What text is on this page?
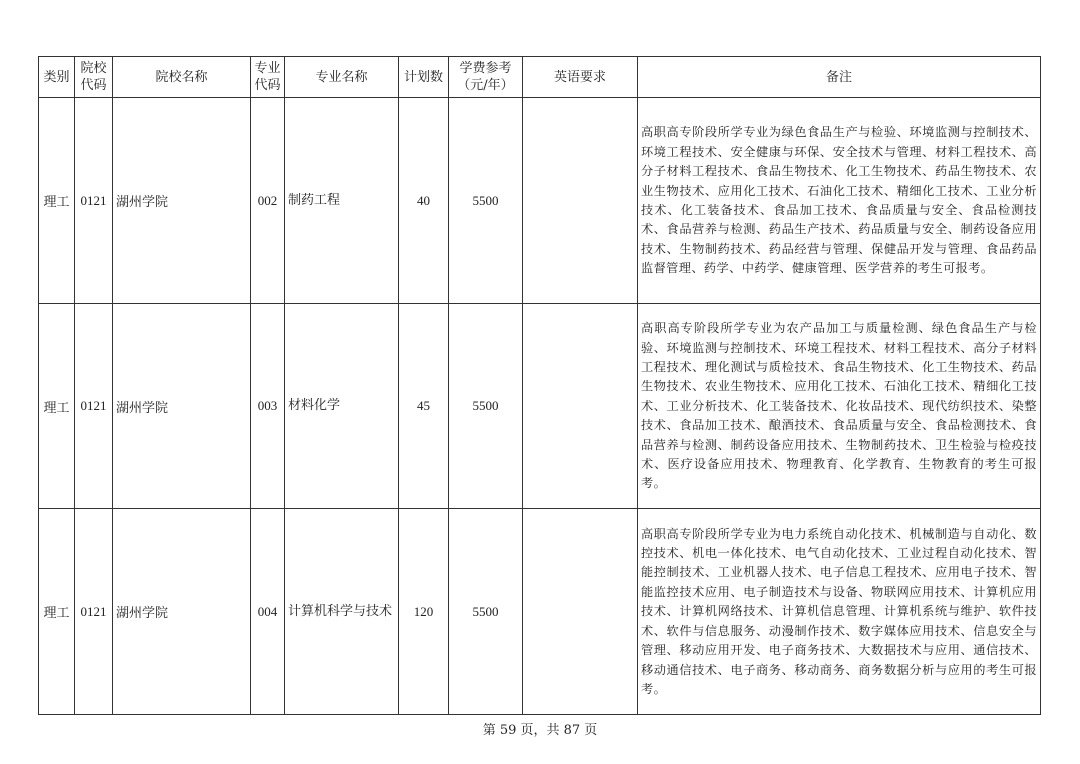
类别	院校代码	院校名称	专业代码	专业名称	计划数	学费参考（元/年）	英语要求	备注
理工	0121	湖州学院	002	制药工程	40	5500		高职高专阶段所学专业为绿色食品生产与检验、环境监测与控制技术、环境工程技术、安全健康与环保、安全技术与管理、材料工程技术、高分子材料工程技术、食品生物技术、化工生物技术、药品生物技术、农业生物技术、应用化工技术、石油化工技术、精细化工技术、工业分析技术、化工装备技术、食品加工技术、食品质量与安全、食品检测技术、食品营养与检测、药品生产技术、药品质量与安全、制药设备应用技术、生物制药技术、药品经营与管理、保健品开发与管理、食品药品监督管理、药学、中药学、健康管理、医学营养的考生可报考。
理工	0121	湖州学院	003	材料化学	45	5500		高职高专阶段所学专业为农产品加工与质量检测、绿色食品生产与检验、环境监测与控制技术、环境工程技术、材料工程技术、高分子材料工程技术、理化测试与质检技术、食品生物技术、化工生物技术、药品生物技术、农业生物技术、应用化工技术、石油化工技术、精细化工技术、工业分析技术、化工装备技术、化妆品技术、现代纺织技术、染整技术、食品加工技术、酿酒技术、食品质量与安全、食品检测技术、食品营养与检测、制药设备应用技术、生物制药技术、卫生检验与检疫技术、医疗设备应用技术、物理教育、化学教育、生物教育的考生可报考。
理工	0121	湖州学院	004	计算机科学与技术	120	5500		高职高专阶段所学专业为电力系统自动化技术、机械制造与自动化、数控技术、机电一体化技术、电气自动化技术、工业过程自动化技术、智能控制技术、工业机器人技术、电子信息工程技术、应用电子技术、智能监控技术应用、电子制造技术与设备、物联网应用技术、计算机应用技术、计算机网络技术、计算机信息管理、计算机系统与维护、软件技术、软件与信息服务、动漫制作技术、数字媒体应用技术、信息安全与管理、移动应用开发、电子商务技术、大数据技术与应用、通信技术、移动通信技术、电子商务、移动商务、商务数据分析与应用的考生可报考。
第 59 页，共 87 页
